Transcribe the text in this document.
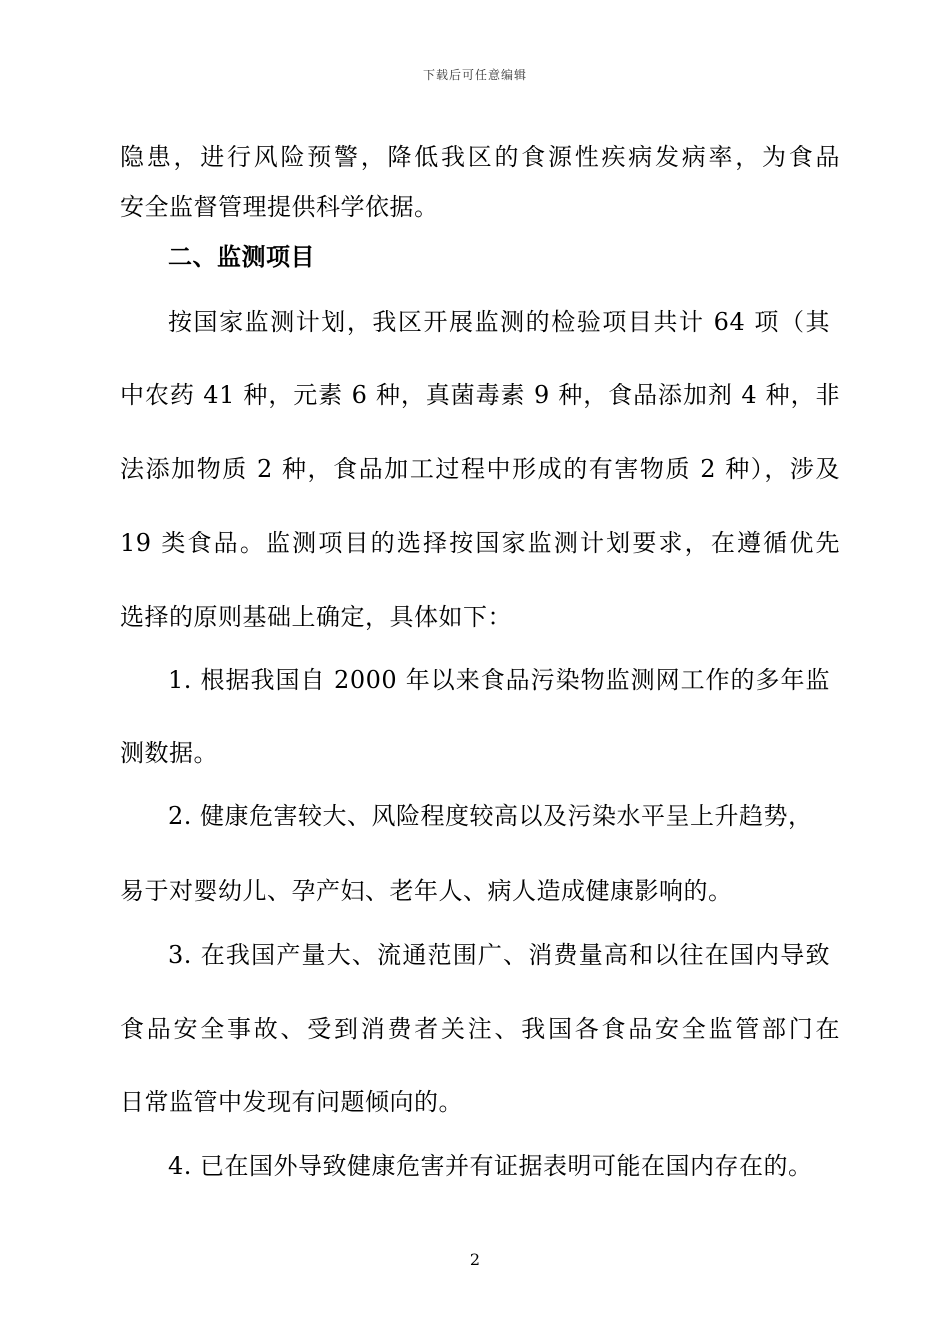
下载后可任意编辑
隐患，进行风险预警，降低我区的食源性疾病发病率，为食品
安全监督管理提供科学依据。
二、监测项目
按国家监测计划，我区开展监测的检验项目共计 64 项（其
中农药 41 种，元素 6 种，真菌毒素 9 种，食品添加剂 4 种，非
法添加物质 2 种，食品加工过程中形成的有害物质 2 种），涉及
19 类食品。监测项目的选择按国家监测计划要求，在遵循优先
选择的原则基础上确定，具体如下：
1. 根据我国自 2000 年以来食品污染物监测网工作的多年监
测数据。
2. 健康危害较大、风险程度较高以及污染水平呈上升趋势，
易于对婴幼儿、孕产妇、老年人、病人造成健康影响的。
3. 在我国产量大、流通范围广、消费量高和以往在国内导致
食品安全事故、受到消费者关注、我国各食品安全监管部门在
日常监管中发现有问题倾向的。
4. 已在国外导致健康危害并有证据表明可能在国内存在的。
2
